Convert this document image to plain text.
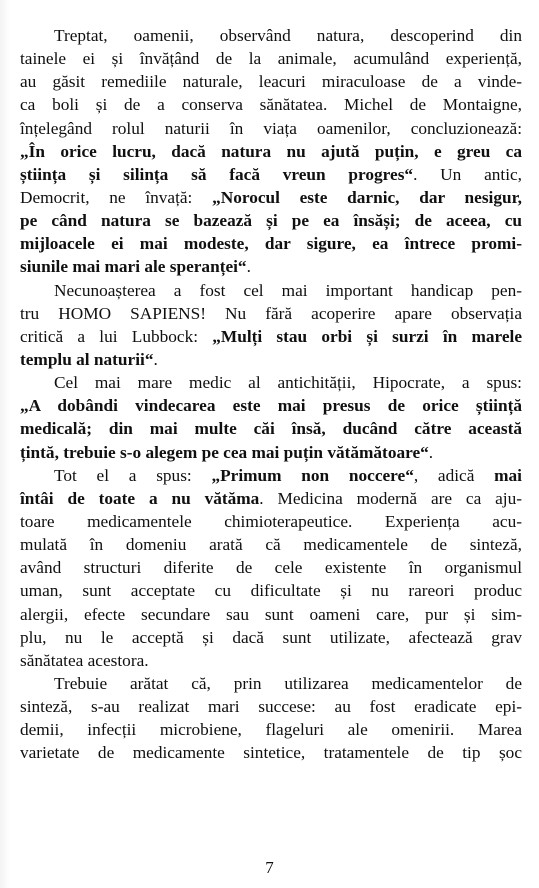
Treptat, oamenii, observând natura, descoperind din
tainele ei și învățând de la animale, acumulând experiență,
au găsit remediile naturale, leacuri miraculoase de a vinde-
ca boli și de a conserva sănătatea. Michel de Montaigne,
înțelegând rolul naturii în viața oamenilor, concluzionează:
„În orice lucru, dacă natura nu ajută puțin, e greu ca
știința și silința să facă vreun progres“. Un antic,
Democrit, ne învață: „Norocul este darnic, dar nesigur,
pe când natura se bazează și pe ea însăși; de aceea, cu
mijloacele ei mai modeste, dar sigure, ea întrece promi-
siunile mai mari ale speranței“.
Necunoașterea a fost cel mai important handicap pen-
tru HOMO SAPIENS! Nu fără acoperire apare observația
critică a lui Lubbock: „Mulți stau orbi și surzi în marele
templu al naturii“.
Cel mai mare medic al antichității, Hipocrate, a spus:
„A dobândi vindecarea este mai presus de orice știință
medicală; din mai multe căi însă, ducând către această
țintă, trebuie s-o alegem pe cea mai puțin vătămătoare“.
Tot el a spus: „Primum non noccere“, adică mai
întâi de toate a nu vătăma. Medicina modernă are ca aju-
toare medicamentele chimioterapeutice. Experiența acu-
mulată în domeniu arată că medicamentele de sinteză,
având structuri diferite de cele existente în organismul
uman, sunt acceptate cu dificultate și nu rareori produc
alergii, efecte secundare sau sunt oameni care, pur și sim-
plu, nu le acceptă și dacă sunt utilizate, afectează grav
sănătatea acestora.
Trebuie arătat că, prin utilizarea medicamentelor de
sinteză, s-au realizat mari succese: au fost eradicate epi-
demii, infecții microbiene, flageluri ale omenirii. Marea
varietate de medicamente sintetice, tratamentele de tip șoc
7
